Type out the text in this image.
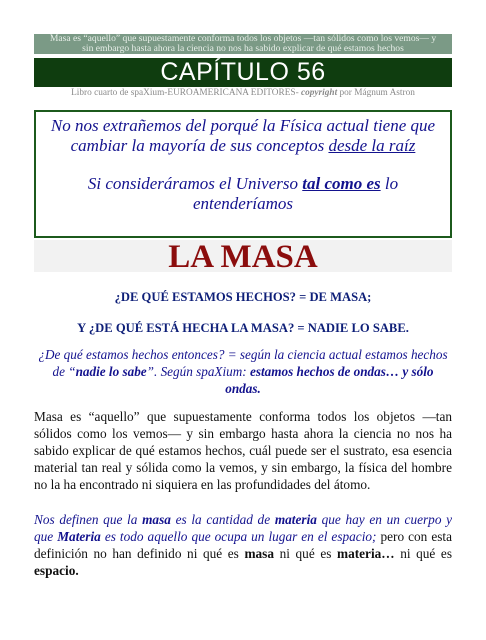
Masa es “aquello” que supuestamente conforma todos los objetos —tan sólidos como los vemos— y
sin embargo hasta ahora la ciencia no nos ha sabido explicar de qué estamos hechos
CAPÍTULO 56
Libro cuarto de spaXium-EUROAMERICANA EDITORES- copyright por Mágnum Astron
No nos extrañemos del porqué la Física actual tiene que cambiar la mayoría de sus conceptos desde la raíz
Si consideráramos el Universo tal como es lo
entenderíamos
LA MASA
¿DE QUÉ ESTAMOS HECHOS? = DE MASA;
Y ¿DE QUÉ ESTÁ HECHA LA MASA? = NADIE LO SABE.
¿De qué estamos hechos entonces? = según la ciencia actual estamos hechos de “nadie lo sabe”. Según spaXium: estamos hechos de ondas… y sólo ondas.
Masa es “aquello” que supuestamente conforma todos los objetos —tan sólidos como los vemos— y sin embargo hasta ahora la ciencia no nos ha sabido explicar de qué estamos hechos, cuál puede ser el sustrato, esa esencia material tan real y sólida como la vemos, y sin embargo, la física del hombre no la ha encontrado ni siquiera en las profundidades del átomo.
Nos definen que la masa es la cantidad de materia que hay en un cuerpo y que Materia es todo aquello que ocupa un lugar en el espacio; pero con esta definición no han definido ni qué es masa ni qué es materia… ni qué es espacio.
